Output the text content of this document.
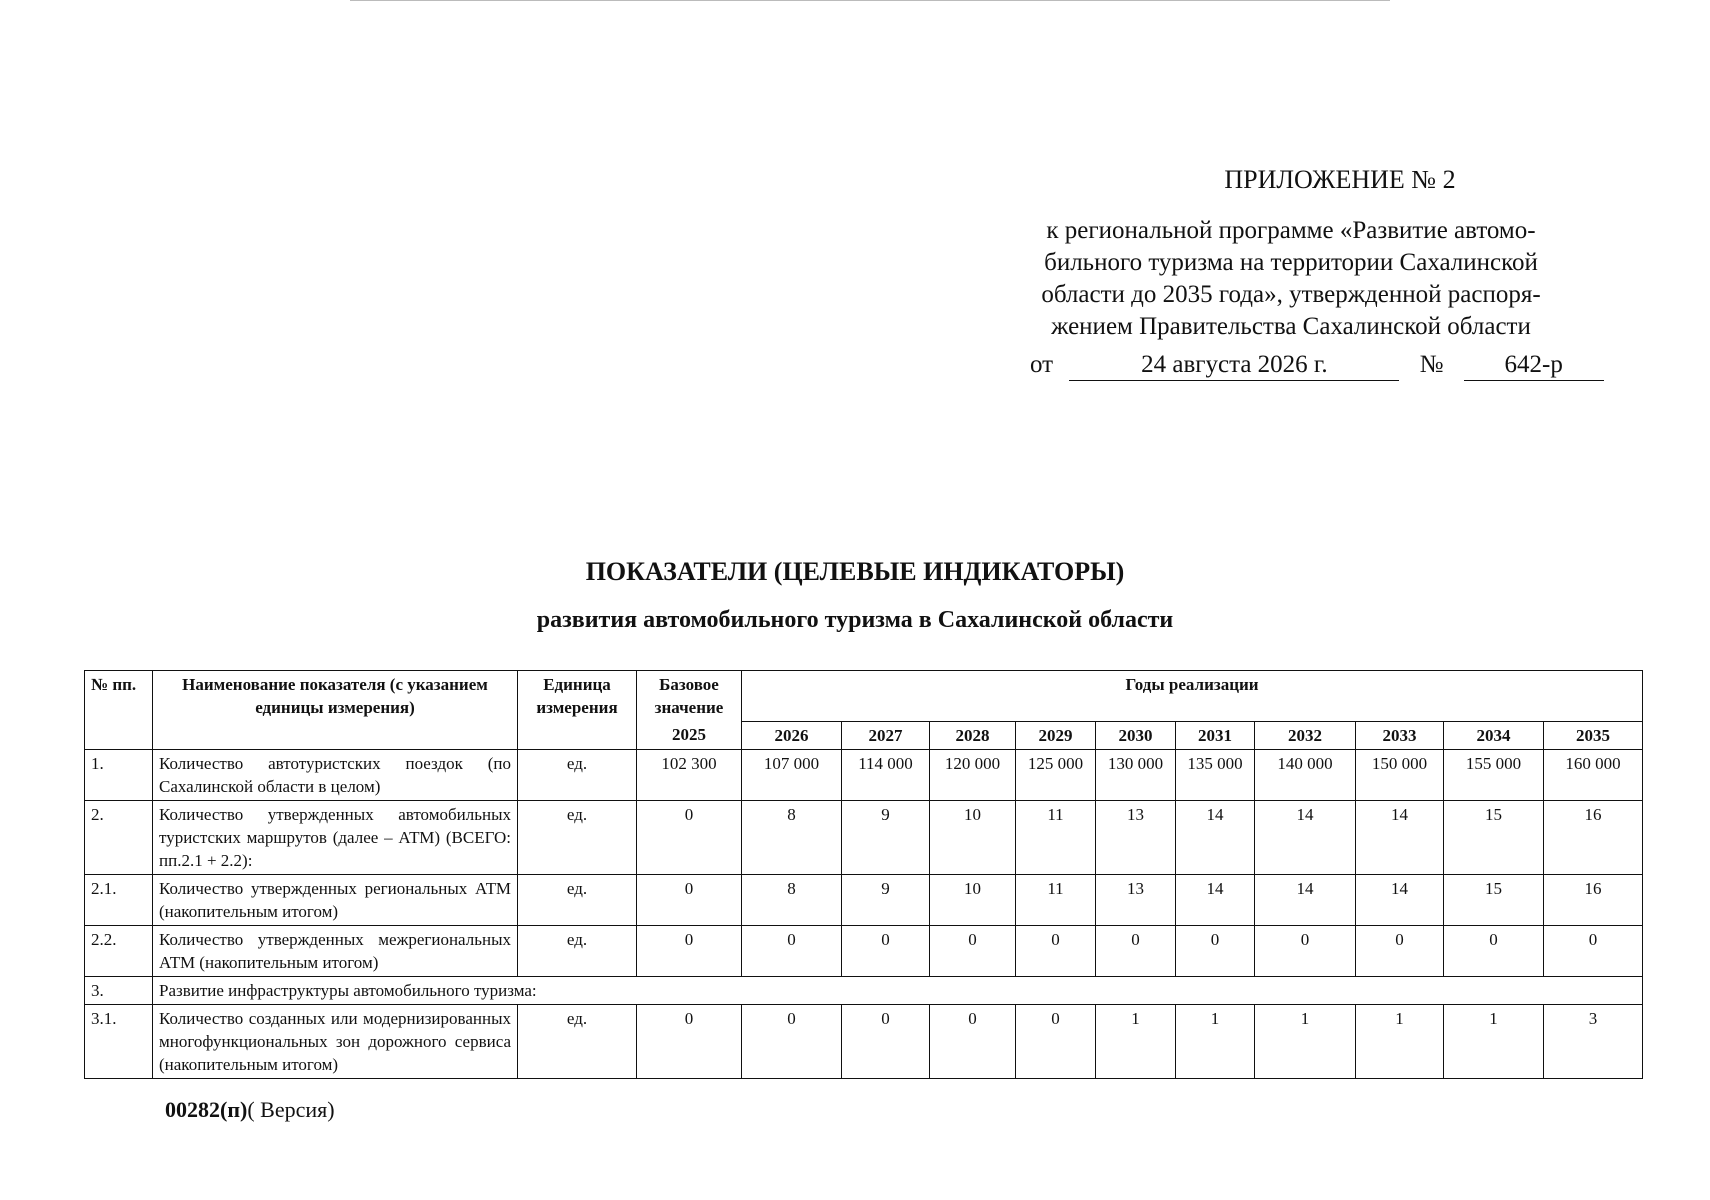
ПРИЛОЖЕНИЕ № 2
к региональной программе «Развитие автомо-
бильного туризма на территории Сахалинской
области до 2035 года», утвержденной распоря-
жением Правительства Сахалинской области
от	24 августа 2026 г.	№ 642-р
ПОКАЗАТЕЛИ (ЦЕЛЕВЫЕ ИНДИКАТОРЫ)
развития автомобильного туризма в Сахалинской области
№ пп.	Наименование показателя (с указанием единицы измерения)	Единица измерения	Базовое значение	Годы реализации									
			2025	2026	2027	2028	2029	2030	2031	2032	2033	2034	2035
1.	Количество автотуристских поездок (по Сахалинской области в целом)	ед.	102 300	107 000	114 000	120 000	125 000	130 000	135 000	140 000	150 000	155 000	160 000
2.	Количество утвержденных автомобильных туристских маршрутов (далее – АТМ) (ВСЕГО: пп.2.1 + 2.2):	ед.	0	8	9	10	11	13	14	14	14	15	16
2.1.	Количество утвержденных региональных АТМ (накопительным итогом)	ед.	0	8	9	10	11	13	14	14	14	15	16
2.2.	Количество утвержденных межрегиональных АТМ (накопительным итогом)	ед.	0	0	0	0	0	0	0	0	0	0	0
3.	Развитие инфраструктуры автомобильного туризма:												
3.1.	Количество созданных или модернизированных многофункциональных зон дорожного сервиса (накопительным итогом)	ед.	0	0	0	0	0	1	1	1	1	1	3
00282(п)( Версия)
